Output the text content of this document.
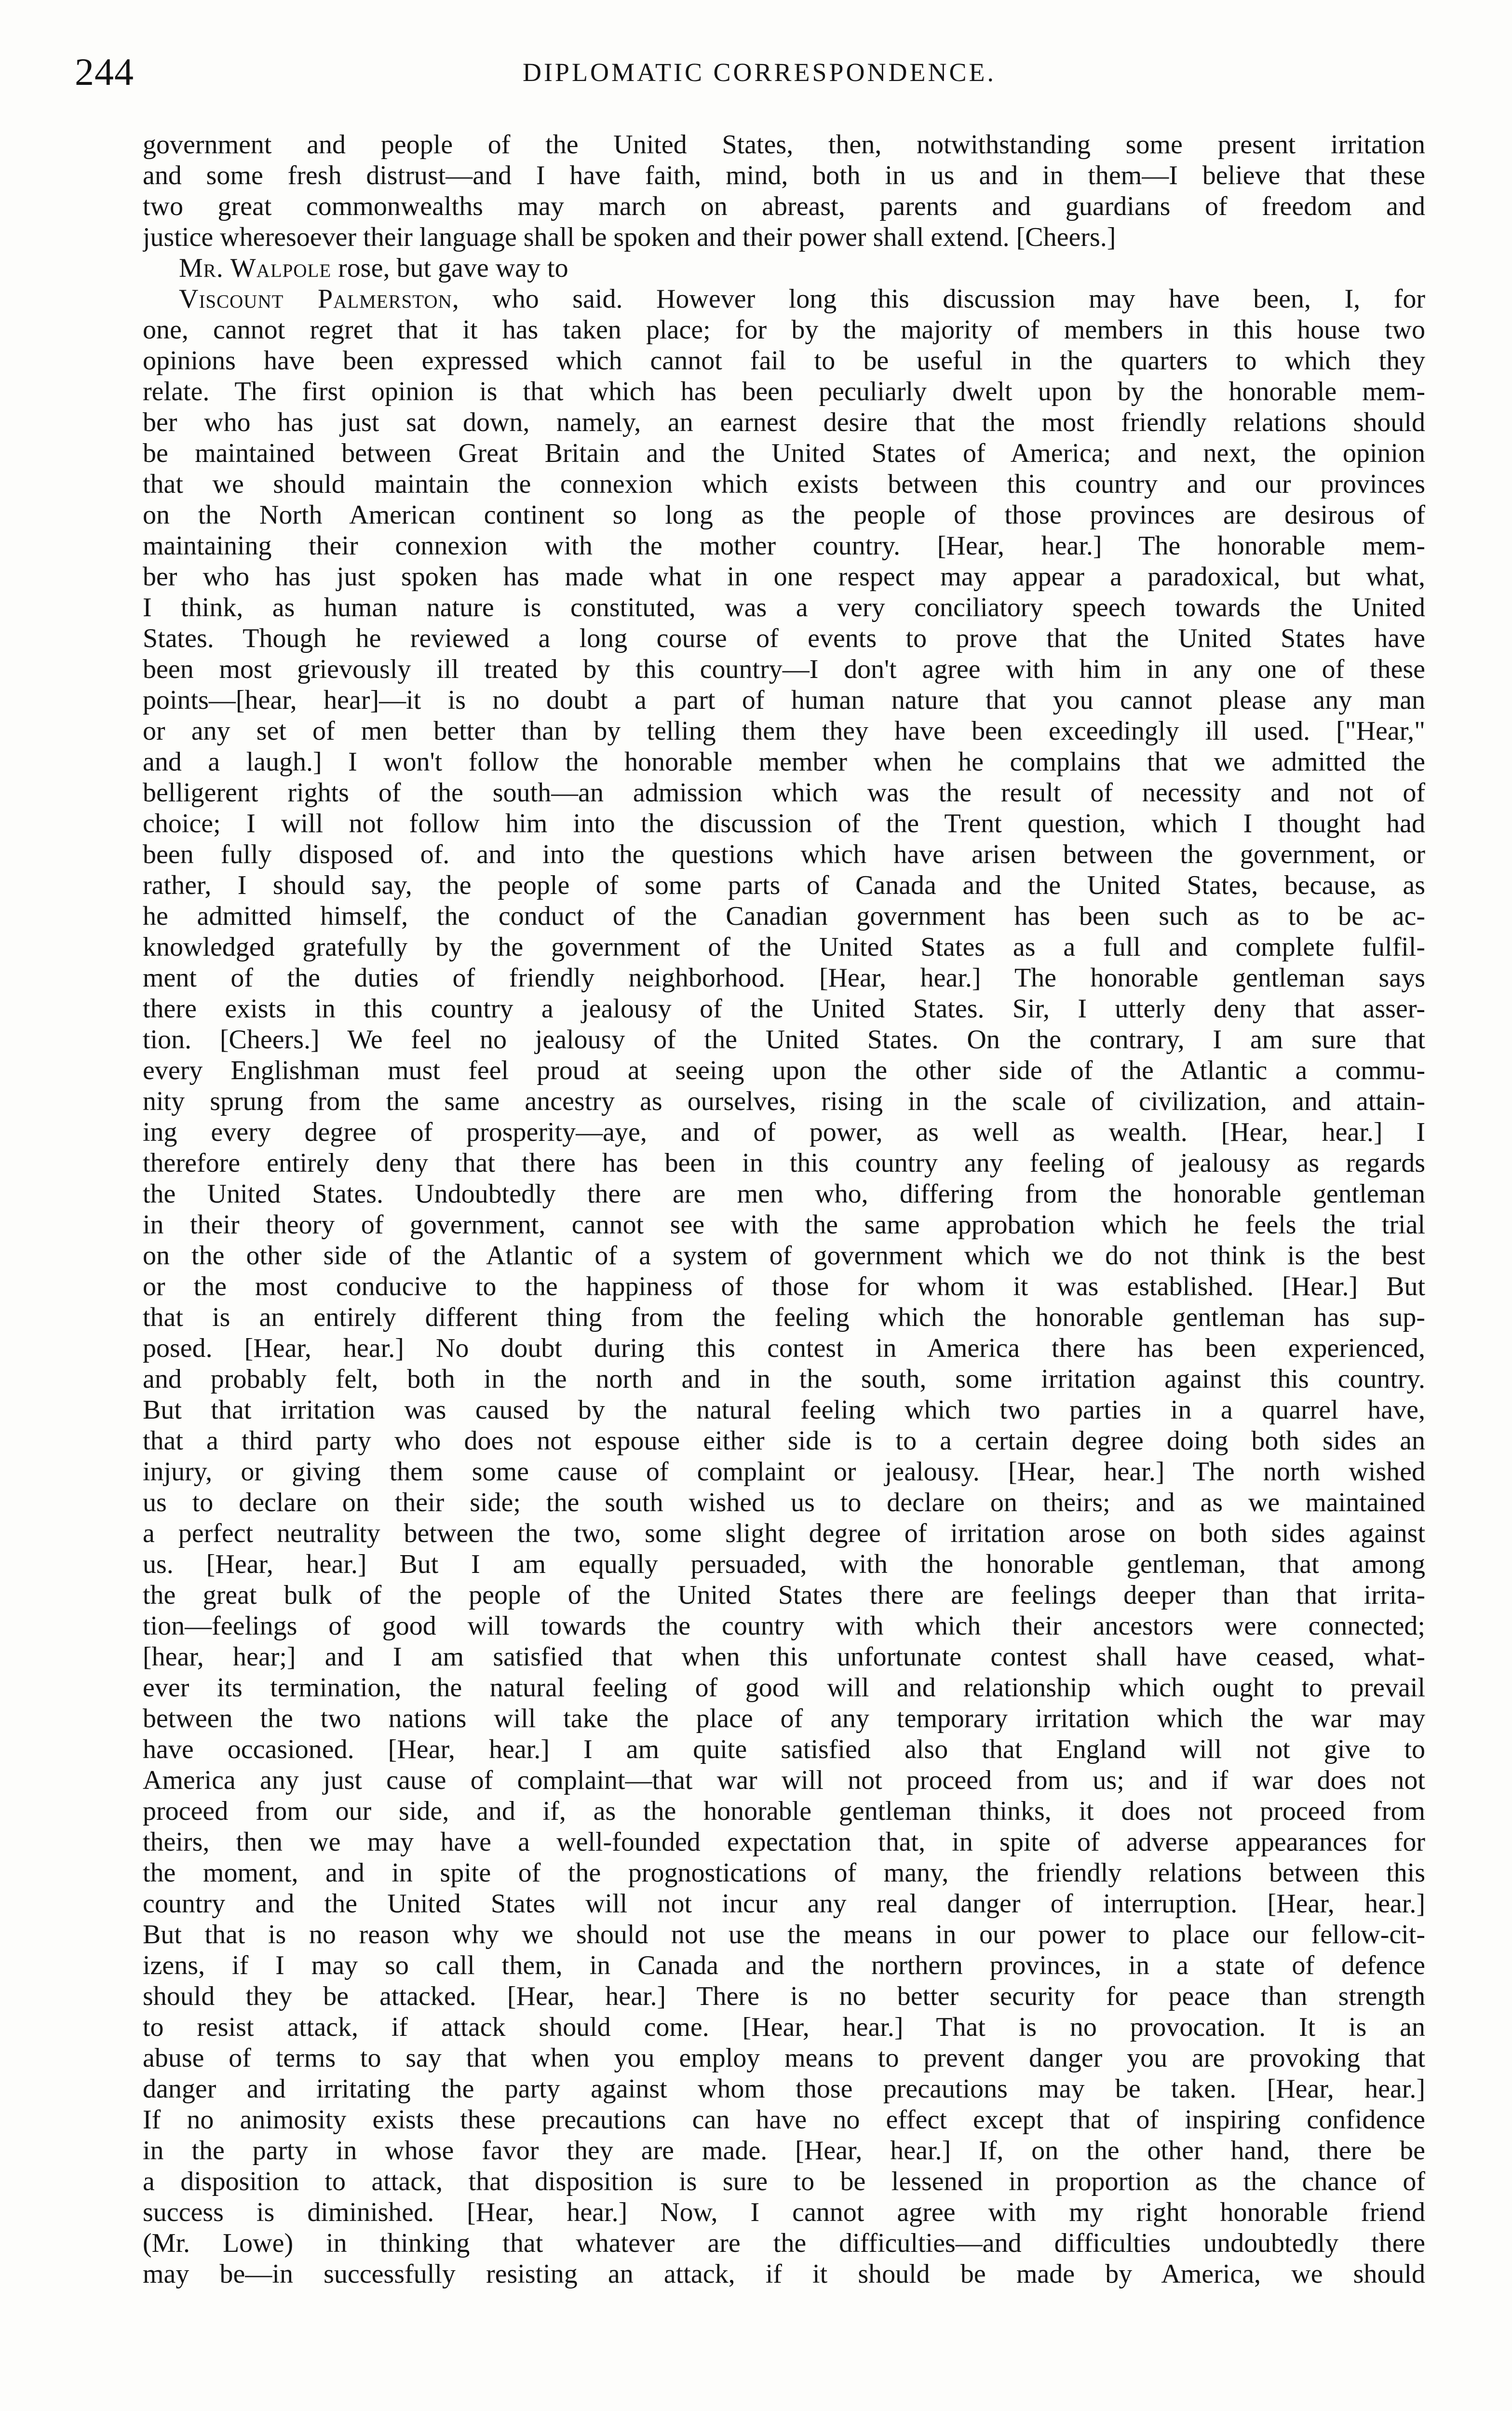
244	DIPLOMATIC CORRESPONDENCE.
government and people of the United States, then, notwithstanding some present irritation
and some fresh distrust—and I have faith, mind, both in us and in them—I believe that these
two great commonwealths may march on abreast, parents and guardians of freedom and
justice wheresoever their language shall be spoken and their power shall extend. [Cheers.]
Mr. Walpole rose, but gave way to
Viscount Palmerston, who said. However long this discussion may have been, I, for
one, cannot regret that it has taken place; for by the majority of members in this house two
opinions have been expressed which cannot fail to be useful in the quarters to which they
relate. The first opinion is that which has been peculiarly dwelt upon by the honorable mem-
ber who has just sat down, namely, an earnest desire that the most friendly relations should
be maintained between Great Britain and the United States of America; and next, the opinion
that we should maintain the connexion which exists between this country and our provinces
on the North American continent so long as the people of those provinces are desirous of
maintaining their connexion with the mother country. [Hear, hear.] The honorable mem-
ber who has just spoken has made what in one respect may appear a paradoxical, but what,
I think, as human nature is constituted, was a very conciliatory speech towards the United
States. Though he reviewed a long course of events to prove that the United States have
been most grievously ill treated by this country—I don't agree with him in any one of these
points—[hear, hear]—it is no doubt a part of human nature that you cannot please any man
or any set of men better than by telling them they have been exceedingly ill used. ["Hear,"
and a laugh.] I won't follow the honorable member when he complains that we admitted the
belligerent rights of the south—an admission which was the result of necessity and not of
choice; I will not follow him into the discussion of the Trent question, which I thought had
been fully disposed of. and into the questions which have arisen between the government, or
rather, I should say, the people of some parts of Canada and the United States, because, as
he admitted himself, the conduct of the Canadian government has been such as to be ac-
knowledged gratefully by the government of the United States as a full and complete fulfil-
ment of the duties of friendly neighborhood. [Hear, hear.] The honorable gentleman says
there exists in this country a jealousy of the United States. Sir, I utterly deny that asser-
tion. [Cheers.] We feel no jealousy of the United States. On the contrary, I am sure that
every Englishman must feel proud at seeing upon the other side of the Atlantic a commu-
nity sprung from the same ancestry as ourselves, rising in the scale of civilization, and attain-
ing every degree of prosperity—aye, and of power, as well as wealth. [Hear, hear.] I
therefore entirely deny that there has been in this country any feeling of jealousy as regards
the United States. Undoubtedly there are men who, differing from the honorable gentleman
in their theory of government, cannot see with the same approbation which he feels the trial
on the other side of the Atlantic of a system of government which we do not think is the best
or the most conducive to the happiness of those for whom it was established. [Hear.] But
that is an entirely different thing from the feeling which the honorable gentleman has sup-
posed. [Hear, hear.] No doubt during this contest in America there has been experienced,
and probably felt, both in the north and in the south, some irritation against this country.
But that irritation was caused by the natural feeling which two parties in a quarrel have,
that a third party who does not espouse either side is to a certain degree doing both sides an
injury, or giving them some cause of complaint or jealousy. [Hear, hear.] The north wished
us to declare on their side; the south wished us to declare on theirs; and as we maintained
a perfect neutrality between the two, some slight degree of irritation arose on both sides against
us. [Hear, hear.] But I am equally persuaded, with the honorable gentleman, that among
the great bulk of the people of the United States there are feelings deeper than that irrita-
tion—feelings of good will towards the country with which their ancestors were connected;
[hear, hear;] and I am satisfied that when this unfortunate contest shall have ceased, what-
ever its termination, the natural feeling of good will and relationship which ought to prevail
between the two nations will take the place of any temporary irritation which the war may
have occasioned. [Hear, hear.] I am quite satisfied also that England will not give to
America any just cause of complaint—that war will not proceed from us; and if war does not
proceed from our side, and if, as the honorable gentleman thinks, it does not proceed from
theirs, then we may have a well-founded expectation that, in spite of adverse appearances for
the moment, and in spite of the prognostications of many, the friendly relations between this
country and the United States will not incur any real danger of interruption. [Hear, hear.]
But that is no reason why we should not use the means in our power to place our fellow-cit-
izens, if I may so call them, in Canada and the northern provinces, in a state of defence
should they be attacked. [Hear, hear.] There is no better security for peace than strength
to resist attack, if attack should come. [Hear, hear.] That is no provocation. It is an
abuse of terms to say that when you employ means to prevent danger you are provoking that
danger and irritating the party against whom those precautions may be taken. [Hear, hear.]
If no animosity exists these precautions can have no effect except that of inspiring confidence
in the party in whose favor they are made. [Hear, hear.] If, on the other hand, there be
a disposition to attack, that disposition is sure to be lessened in proportion as the chance of
success is diminished. [Hear, hear.] Now, I cannot agree with my right honorable friend
(Mr. Lowe) in thinking that whatever are the difficulties—and difficulties undoubtedly there
may be—in successfully resisting an attack, if it should be made by America, we should
